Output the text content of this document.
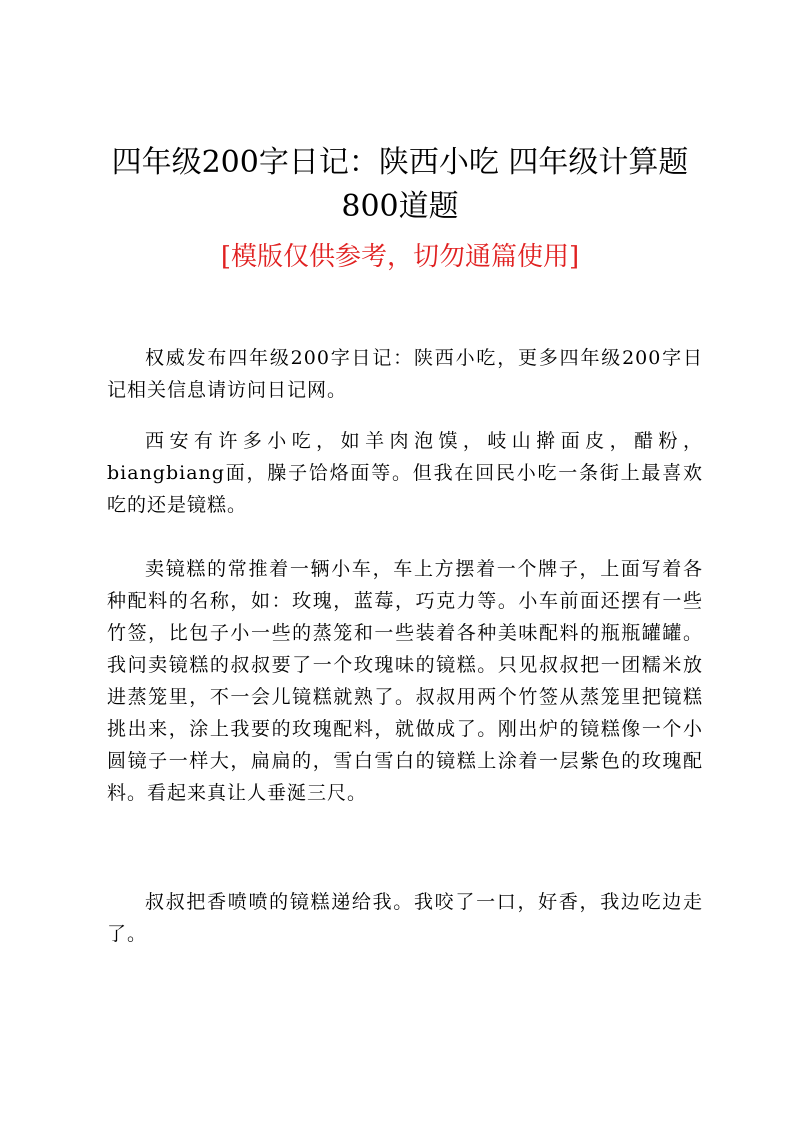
四年级200字日记：陕西小吃 四年级计算题
800道题

[模版仅供参考，切勿通篇使用]

权威发布四年级200字日记：陕西小吃，更多四年级200字日记相关信息请访问日记网。

西安有许多小吃，如羊肉泡馍，岐山擀面皮，醋粉，biangbiang面，臊子饸烙面等。但我在回民小吃一条街上最喜欢吃的还是镜糕。

卖镜糕的常推着一辆小车，车上方摆着一个牌子，上面写着各种配料的名称，如：玫瑰，蓝莓，巧克力等。小车前面还摆有一些竹签，比包子小一些的蒸笼和一些装着各种美味配料的瓶瓶罐罐。我问卖镜糕的叔叔要了一个玫瑰味的镜糕。只见叔叔把一团糯米放进蒸笼里，不一会儿镜糕就熟了。叔叔用两个竹签从蒸笼里把镜糕挑出来，涂上我要的玫瑰配料，就做成了。刚出炉的镜糕像一个小圆镜子一样大，扁扁的，雪白雪白的镜糕上涂着一层紫色的玫瑰配料。看起来真让人垂涎三尺。

叔叔把香喷喷的镜糕递给我。我咬了一口，好香，我边吃边走了。
